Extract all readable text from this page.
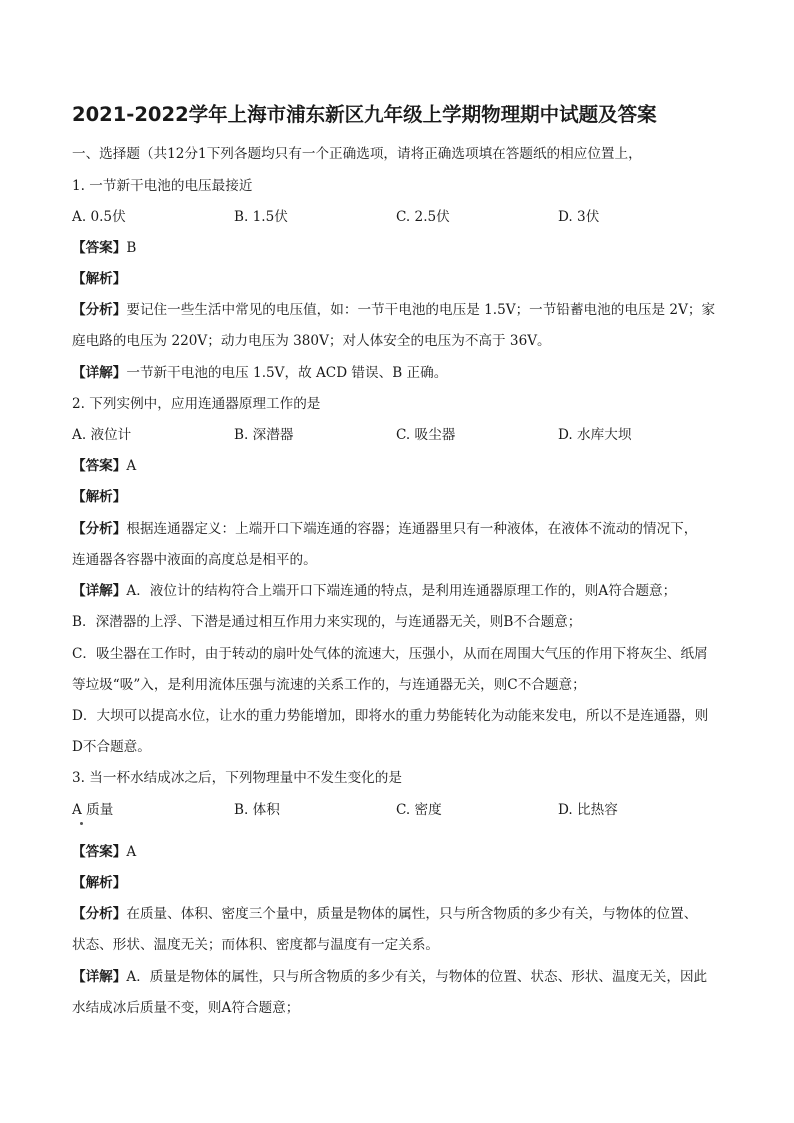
2021-2022学年上海市浦东新区九年级上学期物理期中试题及答案
一、选择题（共12分1下列各题均只有一个正确选项，请将正确选项填在答题纸的相应位置上，
1. 一节新干电池的电压最接近
A. 0.5伏	B. 1.5伏	C. 2.5伏	D. 3伏
【答案】B
【解析】
【分析】要记住一些生活中常见的电压值，如：一节干电池的电压是 1.5V；一节铅蓄电池的电压是 2V；家
庭电路的电压为 220V；动力电压为 380V；对人体安全的电压为不高于 36V。
【详解】一节新干电池的电压 1.5V，故 ACD 错误、B 正确。
2. 下列实例中，应用连通器原理工作的是
A. 液位计	B. 深潜器	C. 吸尘器	D. 水库大坝
【答案】A
【解析】
【分析】根据连通器定义：上端开口下端连通的容器；连通器里只有一种液体，在液体不流动的情况下，
连通器各容器中液面的高度总是相平的。
【详解】A．液位计的结构符合上端开口下端连通的特点，是利用连通器原理工作的，则A符合题意；
B．深潜器的上浮、下潜是通过相互作用力来实现的，与连通器无关，则B不合题意；
C．吸尘器在工作时，由于转动的扇叶处气体的流速大，压强小，从而在周围大气压的作用下将灰尘、纸屑
等垃圾“吸”入，是利用流体压强与流速的关系工作的，与连通器无关，则C不合题意；
D．大坝可以提高水位，让水的重力势能增加，即将水的重力势能转化为动能来发电，所以不是连通器，则
D不合题意。
3. 当一杯水结成冰之后，下列物理量中不发生变化的是
A 质量	B. 体积	C. 密度	D. 比热容
【答案】A
【解析】
【分析】在质量、体积、密度三个量中，质量是物体的属性，只与所含物质的多少有关，与物体的位置、
状态、形状、温度无关；而体积、密度都与温度有一定关系。
【详解】A．质量是物体的属性，只与所含物质的多少有关，与物体的位置、状态、形状、温度无关，因此
水结成冰后质量不变，则A符合题意；
